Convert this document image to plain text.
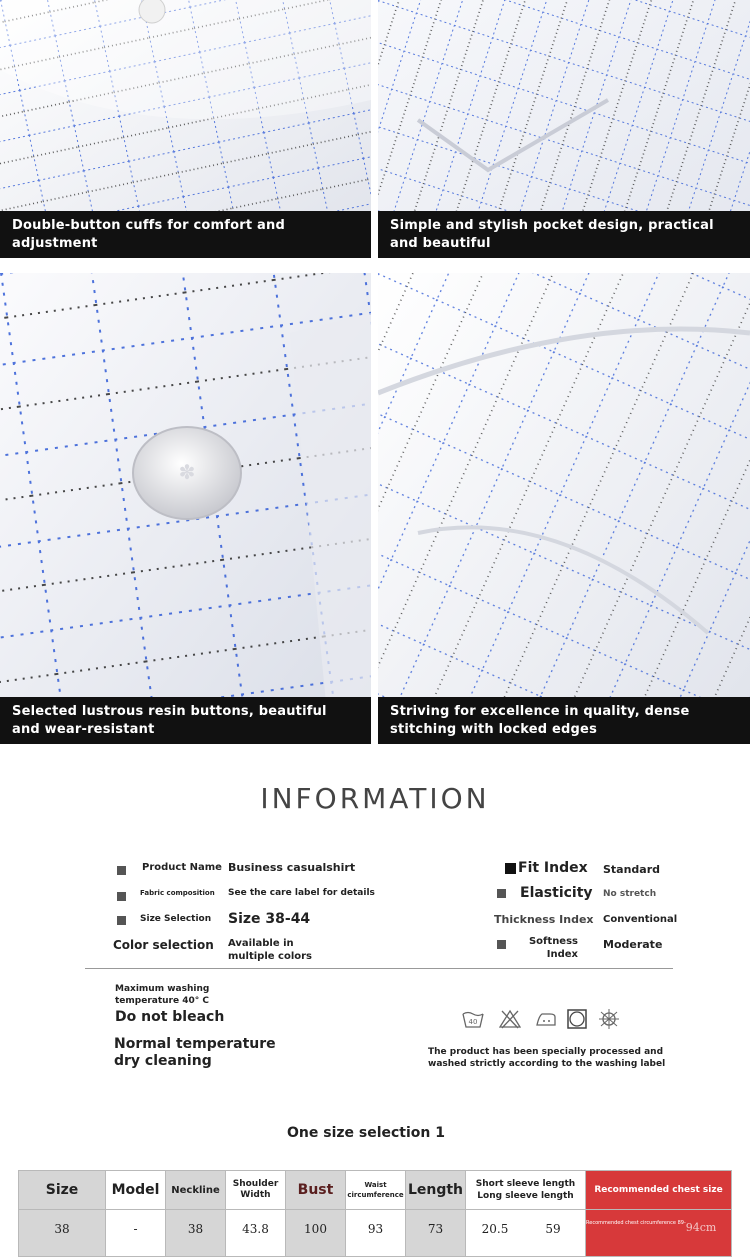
Double-button cuffs for comfort and adjustment
Simple and stylish pocket design, practical and beautiful
✽
Selected lustrous resin buttons, beautiful and wear-resistant
Striving for excellence in quality, dense stitching with locked edges
INFORMATION
Product Name Business casualshirt
Fabric composition See the care label for details
Size Selection Size 38-44
Color selection Available in multiple colors
Fit Index Standard
Elasticity No stretch
Thickness Index Conventional
Softness Index
Moderate
Maximum washing temperature 40° C
Do not bleach
Normal temperature dry cleaning
40
The product has been specially processed and washed strictly according to the washing label
One size selection 1
Size	Model	Neckline	Shoulder Width	Bust	Waist circumference	Length	Short sleeve length Long sleeve length	Recommended chest size
38	-	38	43.8	100	93	73	20.5 59	$^{Recommended chest circumference 89-}$94cm
